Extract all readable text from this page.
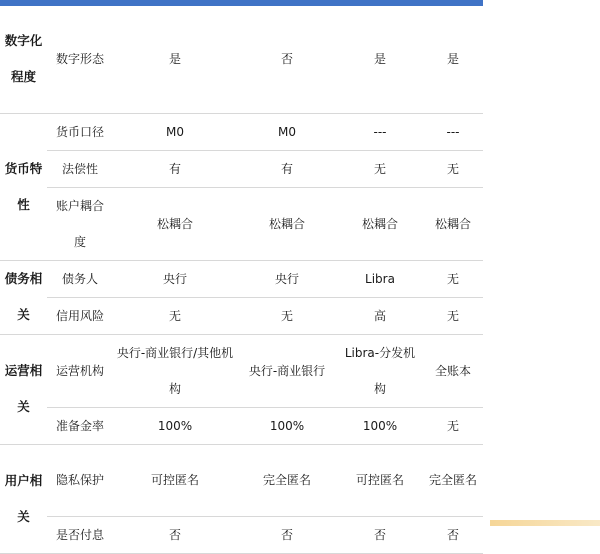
数字化程度	数字形态	是	否	是	是
货币特性	货币口径	M0	M0	---	---
	法偿性	有	有	无	无
	账户耦合度	松耦合	松耦合	松耦合	松耦合
债务相关	债务人	央行	央行	Libra	无
	信用风险	无	无	高	无
运营相关	运营机构	央行-商业银行/其他机构	央行-商业银行	Libra-分发机构	全账本
	准备金率	100%	100%	100%	无
用户相关	隐私保护	可控匿名	完全匿名	可控匿名	完全匿名
	是否付息	否	否	否	否
